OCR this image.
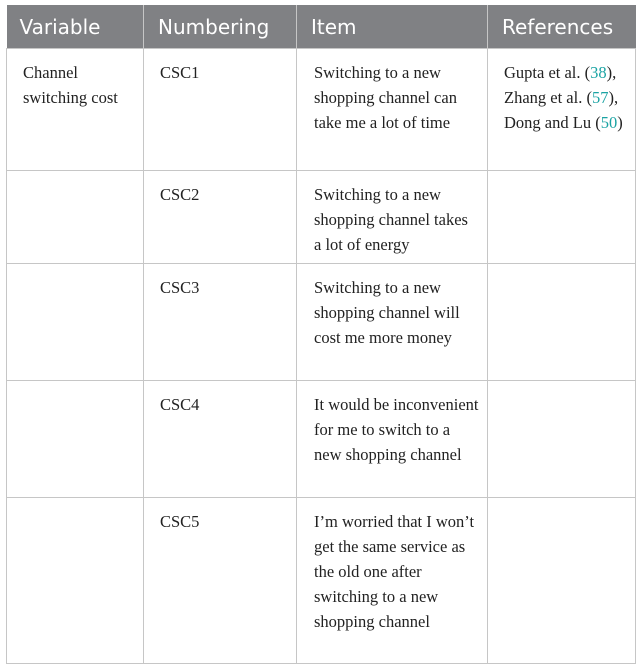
Variable	Numbering	Item	References
Channel switching cost	CSC1	Switching to a new shopping channel can take me a lot of time	Gupta et al. (38), Zhang et al. (57), Dong and Lu (50)
	CSC2	Switching to a new shopping channel takes a lot of energy	
	CSC3	Switching to a new shopping channel will cost me more money	
	CSC4	It would be inconvenient for me to switch to a new shopping channel	
	CSC5	I’m worried that I won’t get the same service as the old one after switching to a new shopping channel	
